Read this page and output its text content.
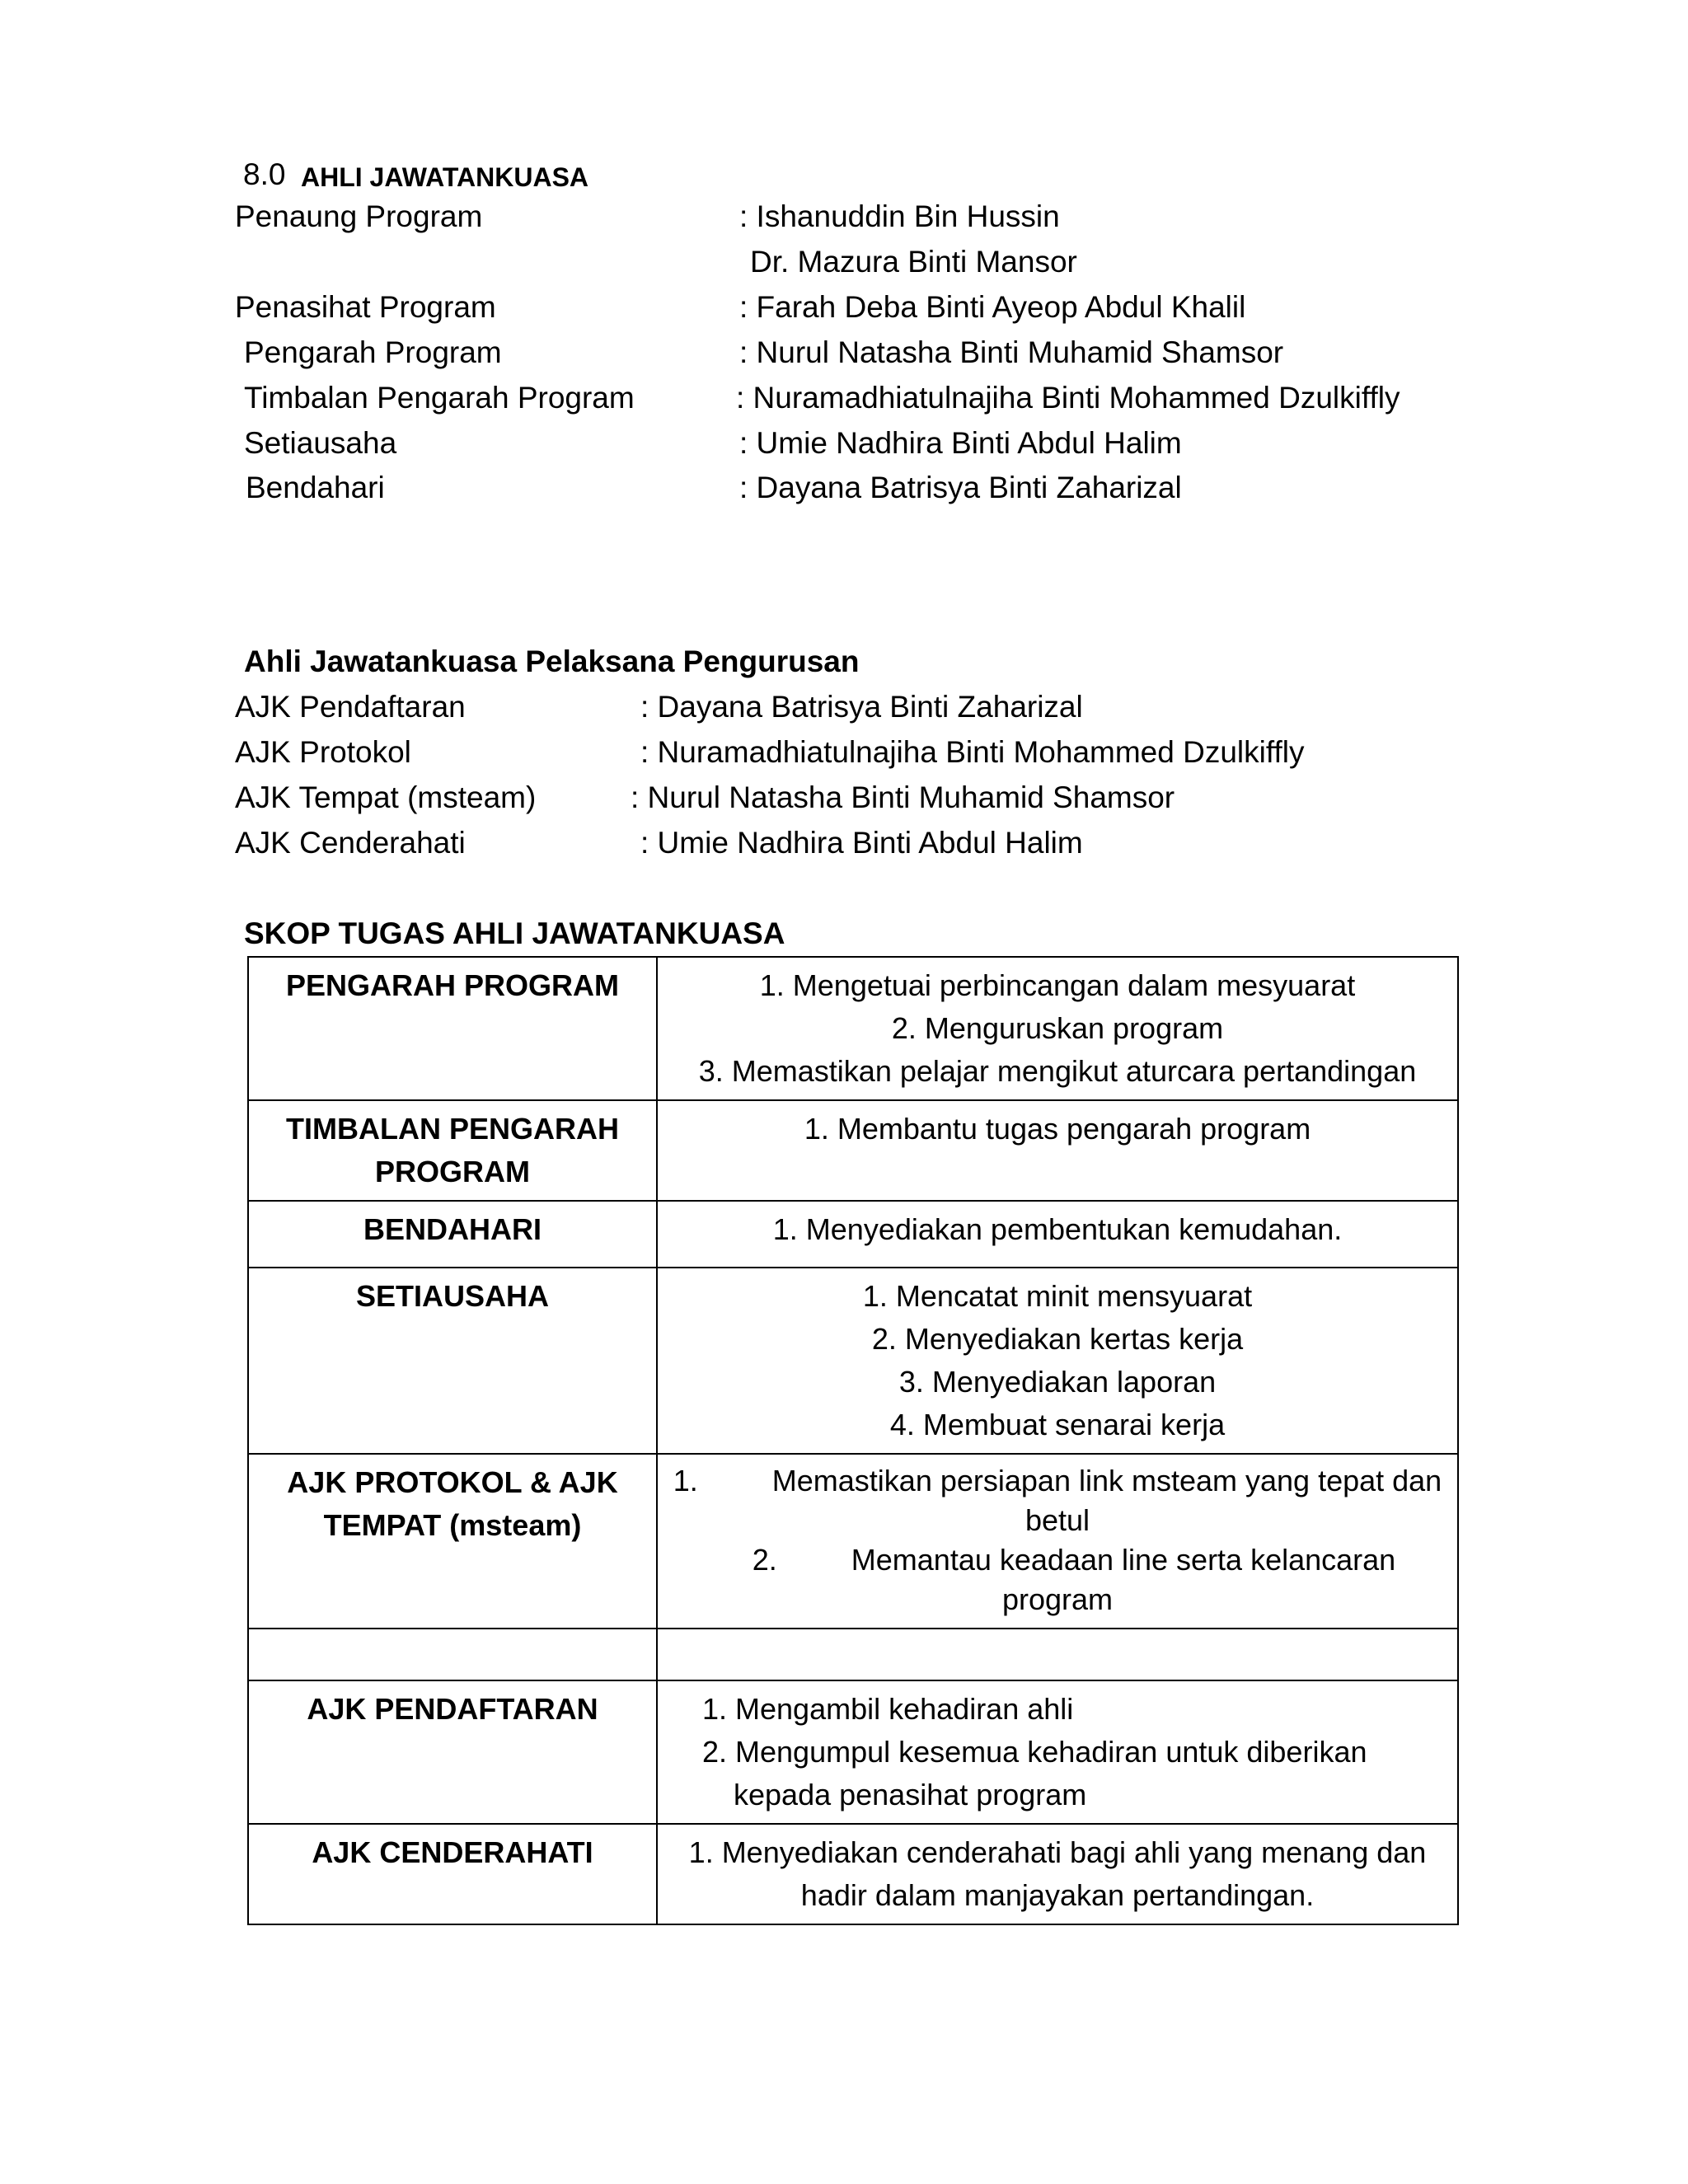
8.0 AHLI JAWATANKUASA
Penaung Program	: Ishanuddin Bin Hussin
Dr. Mazura Binti Mansor
Penasihat Program	: Farah Deba Binti Ayeop Abdul Khalil
Pengarah Program	: Nurul Natasha Binti Muhamid Shamsor
Timbalan Pengarah Program	: Nuramadhiatulnajiha Binti Mohammed Dzulkiffly
Setiausaha	: Umie Nadhira Binti Abdul Halim
Bendahari	: Dayana Batrisya Binti Zaharizal
Ahli Jawatankuasa Pelaksana Pengurusan
AJK Pendaftaran	: Dayana Batrisya Binti Zaharizal
AJK Protokol	: Nuramadhiatulnajiha Binti Mohammed Dzulkiffly
AJK Tempat (msteam)	: Nurul Natasha Binti Muhamid Shamsor
AJK Cenderahati	: Umie Nadhira Binti Abdul Halim
SKOP TUGAS AHLI JAWATANKUASA
PENGARAH PROGRAM	1. Mengetuai perbincangan dalam mesyuarat
2. Menguruskan program
3. Memastikan pelajar mengikut aturcara pertandingan

TIMBALAN PENGARAH PROGRAM	1. Membantu tugas pengarah program

BENDAHARI	1. Menyediakan pembentukan kemudahan.

SETIAUSAHA	1. Mencatat minit mensyuarat
2. Menyediakan kertas kerja
3. Menyediakan laporan
4. Membuat senarai kerja

AJK PROTOKOL & AJK TEMPAT (msteam)	1. Memastikan persiapan link msteam yang tepat dan betul
2. Memantau keadaan line serta kelancaran program

AJK PENDAFTARAN	1. Mengambil kehadiran ahli
2. Mengumpul kesemua kehadiran untuk diberikan
kepada penasihat program

AJK CENDERAHATI	1. Menyediakan cenderahati bagi ahli yang menang dan hadir dalam manjayakan pertandingan.
